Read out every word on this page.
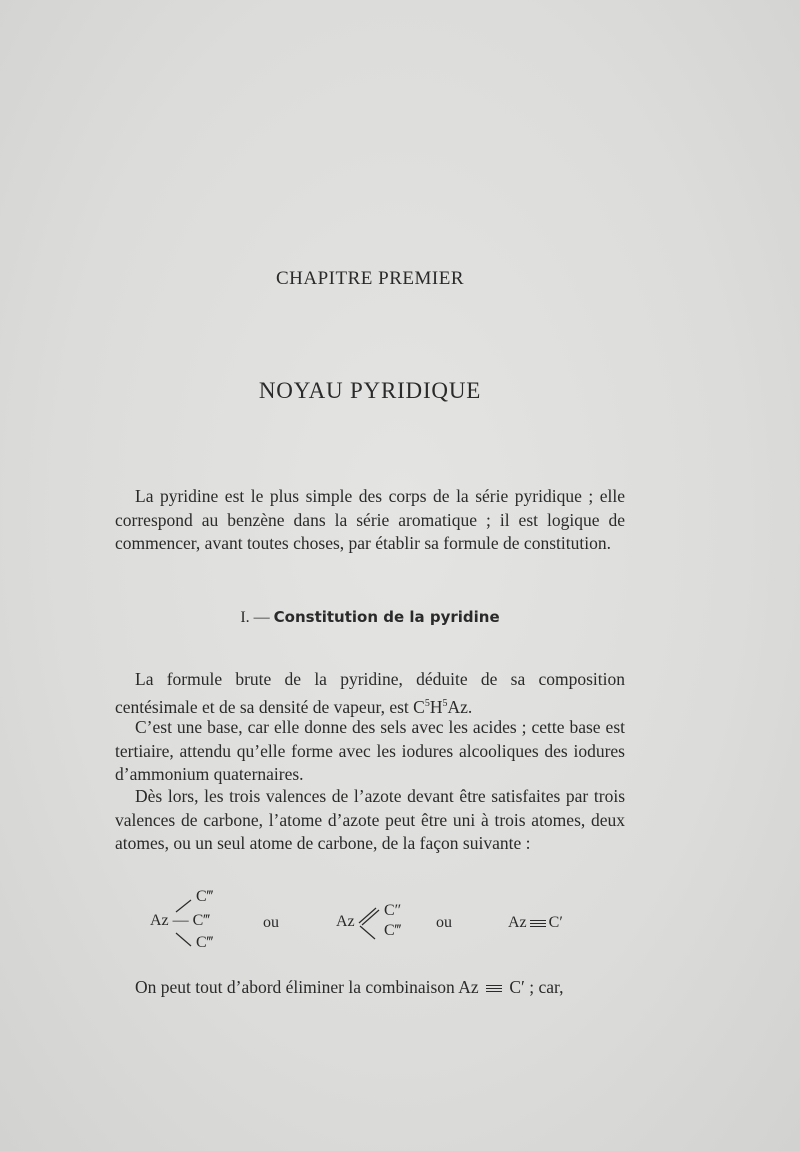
CHAPITRE PREMIER
NOYAU PYRIDIQUE
La pyridine est le plus simple des corps de la série pyridique ; elle correspond au benzène dans la série aromatique ; il est logique de commencer, avant toutes choses, par établir sa formule de constitution.
I. — Constitution de la pyridine
La formule brute de la pyridine, déduite de sa composition centésimale et de sa densité de vapeur, est $C^5H^5Az$.
C’est une base, car elle donne des sels avec les acides ; cette base est tertiaire, attendu qu’elle forme avec les iodures alcooliques des iodures d’ammonium quaternaires.
Dès lors, les trois valences de l’azote devant être satisfaites par trois valences de carbone, l’atome d’azote peut être uni à trois atomes, deux atomes, ou un seul atome de carbone, de la façon suivante :
C‴
Az — C‴
C‴
ou	Az
C″
C‴ ou	Az C′
On peut tout d’abord éliminer la combinaison Az C′ ; car,
